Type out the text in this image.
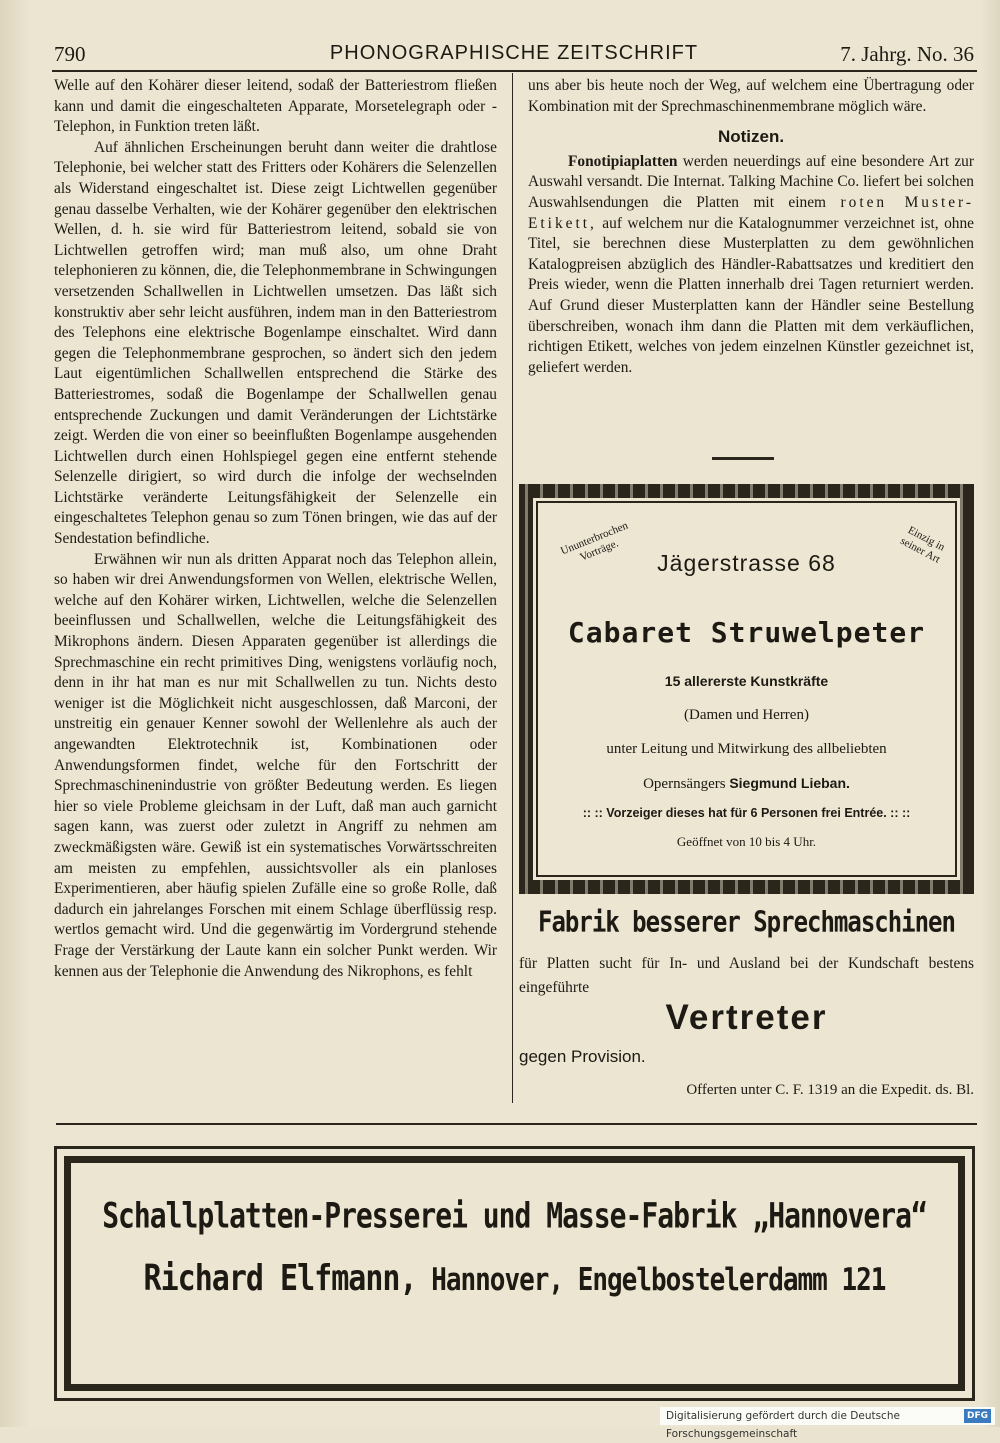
790	PHONOGRAPHISCHE ZEITSCHRIFT	7. Jahrg. No. 36

Welle auf den Kohärer dieser leitend, sodaß der Batteriestrom fließen kann und damit die eingeschalteten Apparate, Morsetelegraph oder -Telephon, in Funktion treten läßt.

Auf ähnlichen Erscheinungen beruht dann weiter die drahtlose Telephonie, bei welcher statt des Fritters oder Kohärers die Selenzellen als Widerstand eingeschaltet ist. Diese zeigt Lichtwellen gegenüber genau dasselbe Verhalten, wie der Kohärer gegenüber den elektrischen Wellen, d. h. sie wird für Batteriestrom leitend, sobald sie von Lichtwellen getroffen wird; man muß also, um ohne Draht telephonieren zu können, die, die Telephonmembrane in Schwingungen versetzenden Schallwellen in Lichtwellen umsetzen. Das läßt sich konstruktiv aber sehr leicht ausführen, indem man in den Batteriestrom des Telephons eine elektrische Bogenlampe einschaltet. Wird dann gegen die Telephonmembrane gesprochen, so ändert sich den jedem Laut eigentümlichen Schallwellen entsprechend die Stärke des Batteriestromes, sodaß die Bogenlampe der Schallwellen genau entsprechende Zuckungen und damit Veränderungen der Lichtstärke zeigt. Werden die von einer so beeinflußten Bogenlampe ausgehenden Lichtwellen durch einen Hohlspiegel gegen eine entfernt stehende Selenzelle dirigiert, so wird durch die infolge der wechselnden Lichtstärke veränderte Leitungsfähigkeit der Selenzelle ein eingeschaltetes Telephon genau so zum Tönen bringen, wie das auf der Sendestation befindliche.

Erwähnen wir nun als dritten Apparat noch das Telephon allein, so haben wir drei Anwendungsformen von Wellen, elektrische Wellen, welche auf den Kohärer wirken, Lichtwellen, welche die Selenzellen beeinflussen und Schallwellen, welche die Leitungsfähigkeit des Mikrophons ändern. Diesen Apparaten gegenüber ist allerdings die Sprechmaschine ein recht primitives Ding, wenigstens vorläufig noch, denn in ihr hat man es nur mit Schallwellen zu tun. Nichts desto weniger ist die Möglichkeit nicht ausgeschlossen, daß Marconi, der unstreitig ein genauer Kenner sowohl der Wellenlehre als auch der angewandten Elektrotechnik ist, Kombinationen oder Anwendungsformen findet, welche für den Fortschritt der Sprechmaschinenindustrie von größter Bedeutung werden. Es liegen hier so viele Probleme gleichsam in der Luft, daß man auch garnicht sagen kann, was zuerst oder zuletzt in Angriff zu nehmen am zweckmäßigsten wäre. Gewiß ist ein systematisches Vorwärtsschreiten am meisten zu empfehlen, aussichtsvoller als ein planloses Experimentieren, aber häufig spielen Zufälle eine so große Rolle, daß dadurch ein jahrelanges Forschen mit einem Schlage überflüssig resp. wertlos gemacht wird. Und die gegenwärtig im Vordergrund stehende Frage der Verstärkung der Laute kann ein solcher Punkt werden. Wir kennen aus der Telephonie die Anwendung des Nikrophons, es fehlt

uns aber bis heute noch der Weg, auf welchem eine Übertragung oder Kombination mit der Sprechmaschinenmembrane möglich wäre.

Notizen.

Fonotipiaplatten werden neuerdings auf eine besondere Art zur Auswahl versandt. Die Internat. Talking Machine Co. liefert bei solchen Auswahlsendungen die Platten mit einem roten Muster-Etikett, auf welchem nur die Katalognummer verzeichnet ist, ohne Titel, sie berechnen diese Musterplatten zu dem gewöhnlichen Katalogpreisen abzüglich des Händler-Rabattsatzes und kreditiert den Preis wieder, wenn die Platten innerhalb drei Tagen returniert werden. Auf Grund dieser Musterplatten kann der Händler seine Bestellung überschreiben, wonach ihm dann die Platten mit dem verkäuflichen, richtigen Etikett, welches von jedem einzelnen Künstler gezeichnet ist, geliefert werden.

Ununterbrochen Vorträge.	Einzig in seiner Art
Jägerstrasse 68
Cabaret Struwelpeter
15 allererste Kunstkräfte
(Damen und Herren)
unter Leitung und Mitwirkung des allbeliebten
Opernsängers Siegmund Lieban.
:: :: Vorzeiger dieses hat für 6 Personen frei Entrée. :: ::
Geöffnet von 10 bis 4 Uhr.
Fabrik besserer Sprechmaschinen
für Platten sucht für In- und Ausland bei der Kundschaft bestens eingeführte
Vertreter
gegen Provision.
Offerten unter C. F. 1319 an die Expedit. ds. Bl.
Schallplatten-Presserei und Masse-Fabrik „Hannovera“
Richard Elfmann, Hannover, Engelbostelerdamm 121
Digitalisierung gefördert durch die Deutsche Forschungsgemeinschaft
DFG
